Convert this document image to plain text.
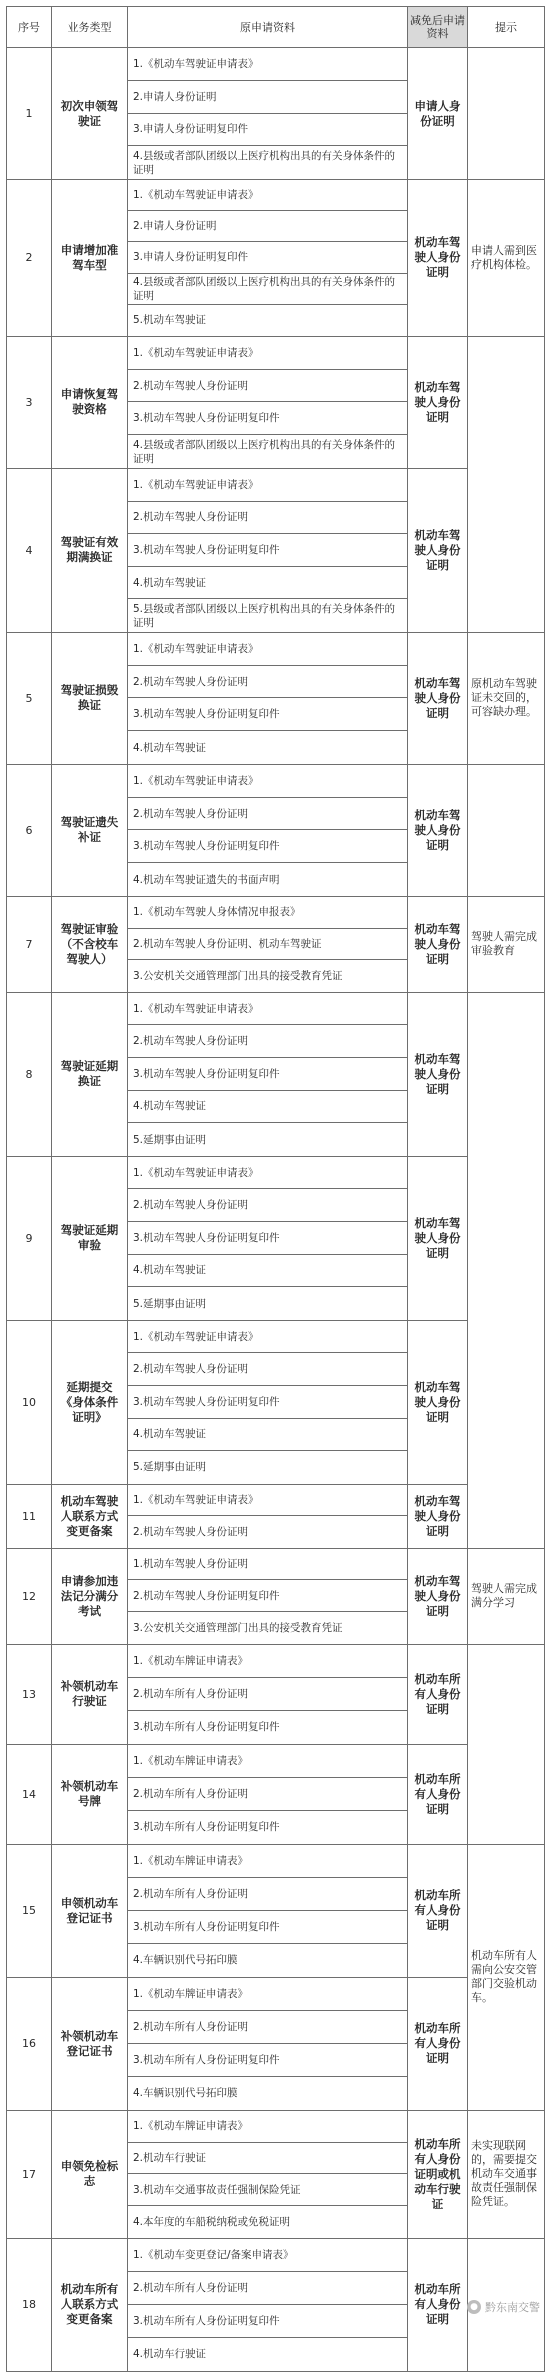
序号	业务类型	原申请资料	减免后申请资料	提示
1	初次申领驾驶证	1.《机动车驾驶证申请表》
2.申请人身份证明
3.申请人身份证明复印件
4.县级或者部队团级以上医疗机构出具的有关身体条件的证明	申请人身份证明	
2	申请增加准驾车型	1.《机动车驾驶证申请表》
2.申请人身份证明
3.申请人身份证明复印件
4.县级或者部队团级以上医疗机构出具的有关身体条件的证明
5.机动车驾驶证	机动车驾驶人身份证明	申请人需到医疗机构体检。
3	申请恢复驾驶资格	1.《机动车驾驶证申请表》
2.机动车驾驶人身份证明
3.机动车驾驶人身份证明复印件
4.县级或者部队团级以上医疗机构出具的有关身体条件的证明	机动车驾驶人身份证明	
4	驾驶证有效期满换证	1.《机动车驾驶证申请表》
2.机动车驾驶人身份证明
3.机动车驾驶人身份证明复印件
4.机动车驾驶证
5.县级或者部队团级以上医疗机构出具的有关身体条件的证明	机动车驾驶人身份证明	
5	驾驶证损毁换证	1.《机动车驾驶证申请表》
2.机动车驾驶人身份证明
3.机动车驾驶人身份证明复印件
4.机动车驾驶证	机动车驾驶人身份证明	原机动车驾驶证未交回的，可容缺办理。
6	驾驶证遗失补证	1.《机动车驾驶证申请表》
2.机动车驾驶人身份证明
3.机动车驾驶人身份证明复印件
4.机动车驾驶证遗失的书面声明	机动车驾驶人身份证明	
7	驾驶证审验（不含校车驾驶人）	1.《机动车驾驶人身体情况申报表》
2.机动车驾驶人身份证明、机动车驾驶证
3.公安机关交通管理部门出具的接受教育凭证	机动车驾驶人身份证明	驾驶人需完成审验教育
8	驾驶证延期换证	1.《机动车驾驶证申请表》
2.机动车驾驶人身份证明
3.机动车驾驶人身份证明复印件
4.机动车驾驶证
5.延期事由证明	机动车驾驶人身份证明	
9	驾驶证延期审验	1.《机动车驾驶证申请表》
2.机动车驾驶人身份证明
3.机动车驾驶人身份证明复印件
4.机动车驾驶证
5.延期事由证明	机动车驾驶人身份证明	
10	延期提交《身体条件证明》	1.《机动车驾驶证申请表》
2.机动车驾驶人身份证明
3.机动车驾驶人身份证明复印件
4.机动车驾驶证
5.延期事由证明	机动车驾驶人身份证明	
11	机动车驾驶人联系方式变更备案	1.《机动车驾驶证申请表》
2.机动车驾驶人身份证明	机动车驾驶人身份证明	
12	申请参加违法记分满分考试	1.机动车驾驶人身份证明
2.机动车驾驶人身份证明复印件
3.公安机关交通管理部门出具的接受教育凭证	机动车驾驶人身份证明	驾驶人需完成满分学习
13	补领机动车行驶证	1.《机动车牌证申请表》
2.机动车所有人身份证明
3.机动车所有人身份证明复印件	机动车所有人身份证明	
14	补领机动车号牌	1.《机动车牌证申请表》
2.机动车所有人身份证明
3.机动车所有人身份证明复印件	机动车所有人身份证明	
15	申领机动车登记证书	1.《机动车牌证申请表》
2.机动车所有人身份证明
3.机动车所有人身份证明复印件
4.车辆识别代号拓印膜	机动车所有人身份证明	机动车所有人需向公安交管部门交验机动车。
16	补领机动车登记证书	1.《机动车牌证申请表》
2.机动车所有人身份证明
3.机动车所有人身份证明复印件
4.车辆识别代号拓印膜	机动车所有人身份证明	
17	申领免检标志	1.《机动车牌证申请表》
2.机动车行驶证
3.机动车交通事故责任强制保险凭证
4.本年度的车船税纳税或免税证明	机动车所有人身份证明或机动车行驶证	未实现联网的，需要提交机动车交通事故责任强制保险凭证。
18	机动车所有人联系方式变更备案	1.《机动车变更登记/备案申请表》
2.机动车所有人身份证明
3.机动车所有人身份证明复印件
4.机动车行驶证	机动车所有人身份证明	
● 黔东南交警
